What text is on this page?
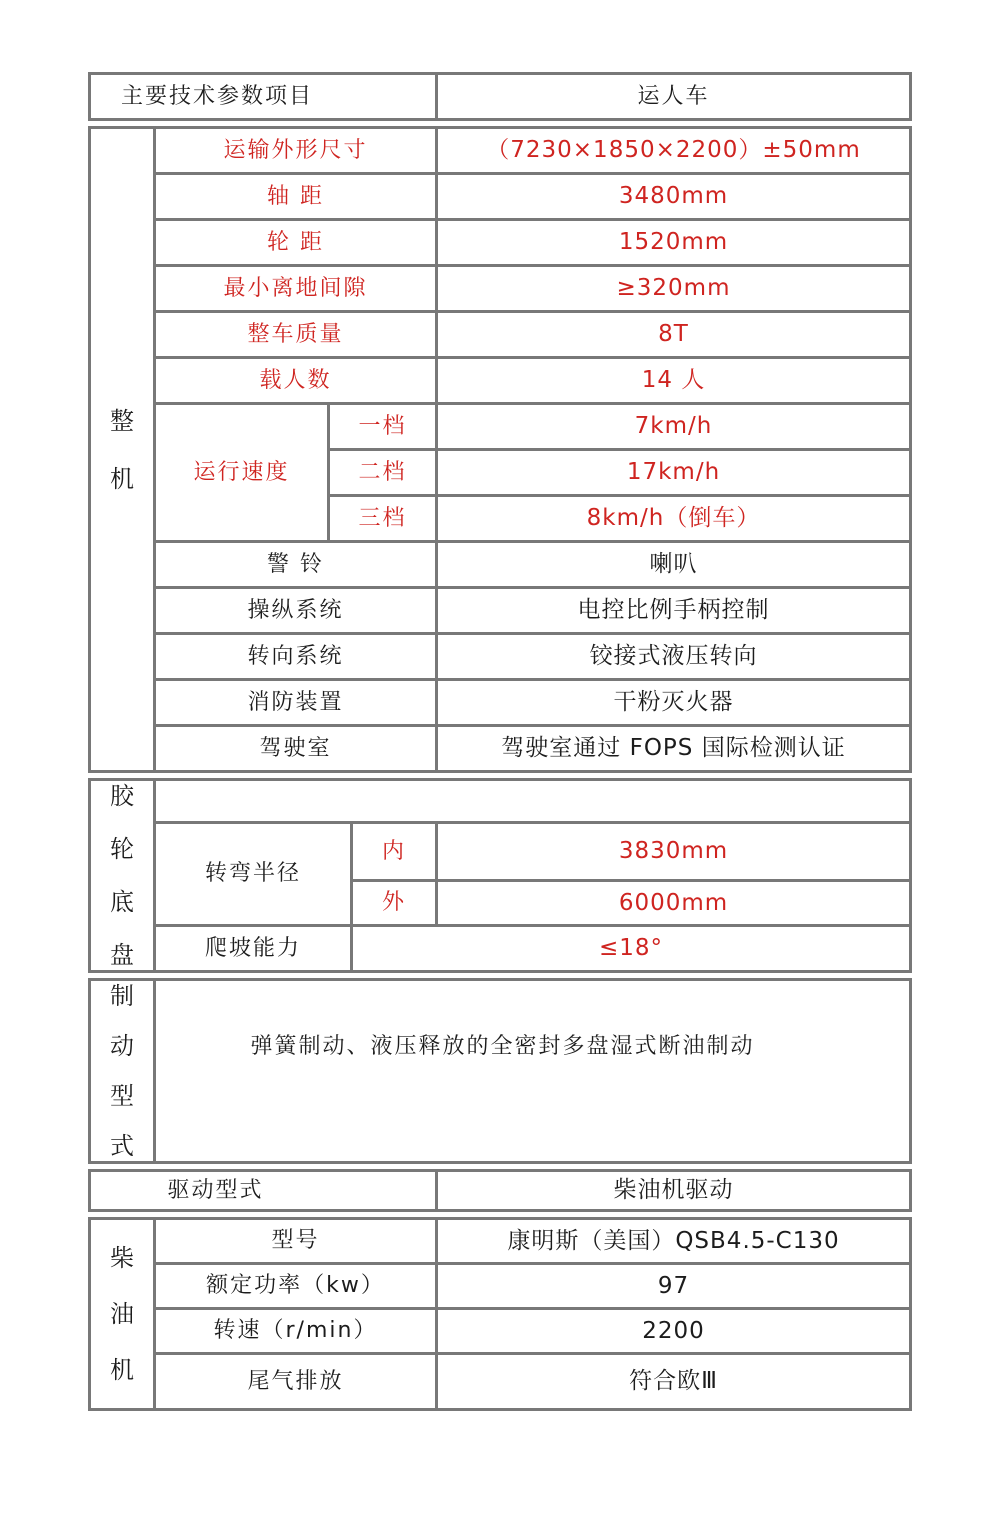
主要技术参数项目	运人车
整
机	运输外形尺寸		（7230×1850×2200）±50mm
	轴 距		3480mm
	轮 距		1520mm
	最小离地间隙		≥320mm
	整车质量		8T
	载人数		14 人
	运行速度	一档	7km/h
		二档	17km/h
		三档	8km/h（倒车）
	警 铃		喇叭
	操纵系统		电控比例手柄控制
	转向系统		铰接式液压转向
	消防装置		干粉灭火器
	驾驶室		驾驶室通过 FOPS 国际检测认证
胶
轮
底
盘			

	转弯半径	内	3830mm
		外	6000mm
	爬坡能力	≤18°	
制
动
型
式
	弹簧制动、液压释放的全密封多盘湿式断油制动
驱动型式	柴油机驱动
柴
油
机	型号	康明斯（美国）QSB4.5-C130
	额定功率（kw）	97
	转速（r/min）	2200
	尾气排放	符合欧Ⅲ
